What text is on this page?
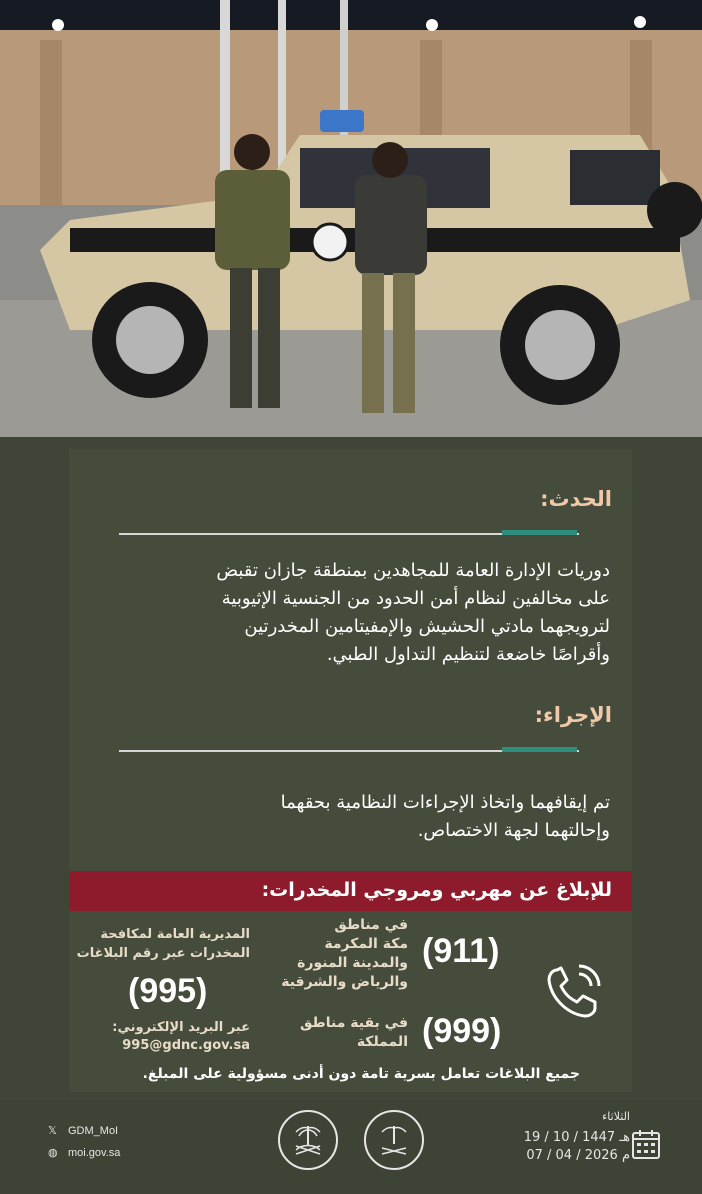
الحدث:
دوريات الإدارة العامة للمجاهدين بمنطقة جازان تقبض
على مخالفين لنظام أمن الحدود من الجنسية الإثيوبية
لترويجهما مادتي الحشيش والإمفيتامين المخدرتين
وأقراصًا خاضعة لتنظيم التداول الطبي.
الإجراء:
تم إيقافهما واتخاذ الإجراءات النظامية بحقهما
وإحالتهما لجهة الاختصاص.
للإبلاغ عن مهربي ومروجي المخدرات:
(911)
في مناطق
مكة المكرمة
والمدينة المنورة
والرياض والشرقية
(999)
في بقية مناطق
المملكة
المديرية العامة لمكافحة
المخدرات عبر رقم البلاغات
(995)
عبر البريد الإلكتروني:
995@gdnc.gov.sa
جميع البلاغات تعامل بسرية تامة دون أدنى مسؤولية على المبلغ.
𝕏 GDM_MoI
◍ moi.gov.sa
الثلاثاء
19 / 10 / 1447 هـ
07 / 04 / 2026 م
